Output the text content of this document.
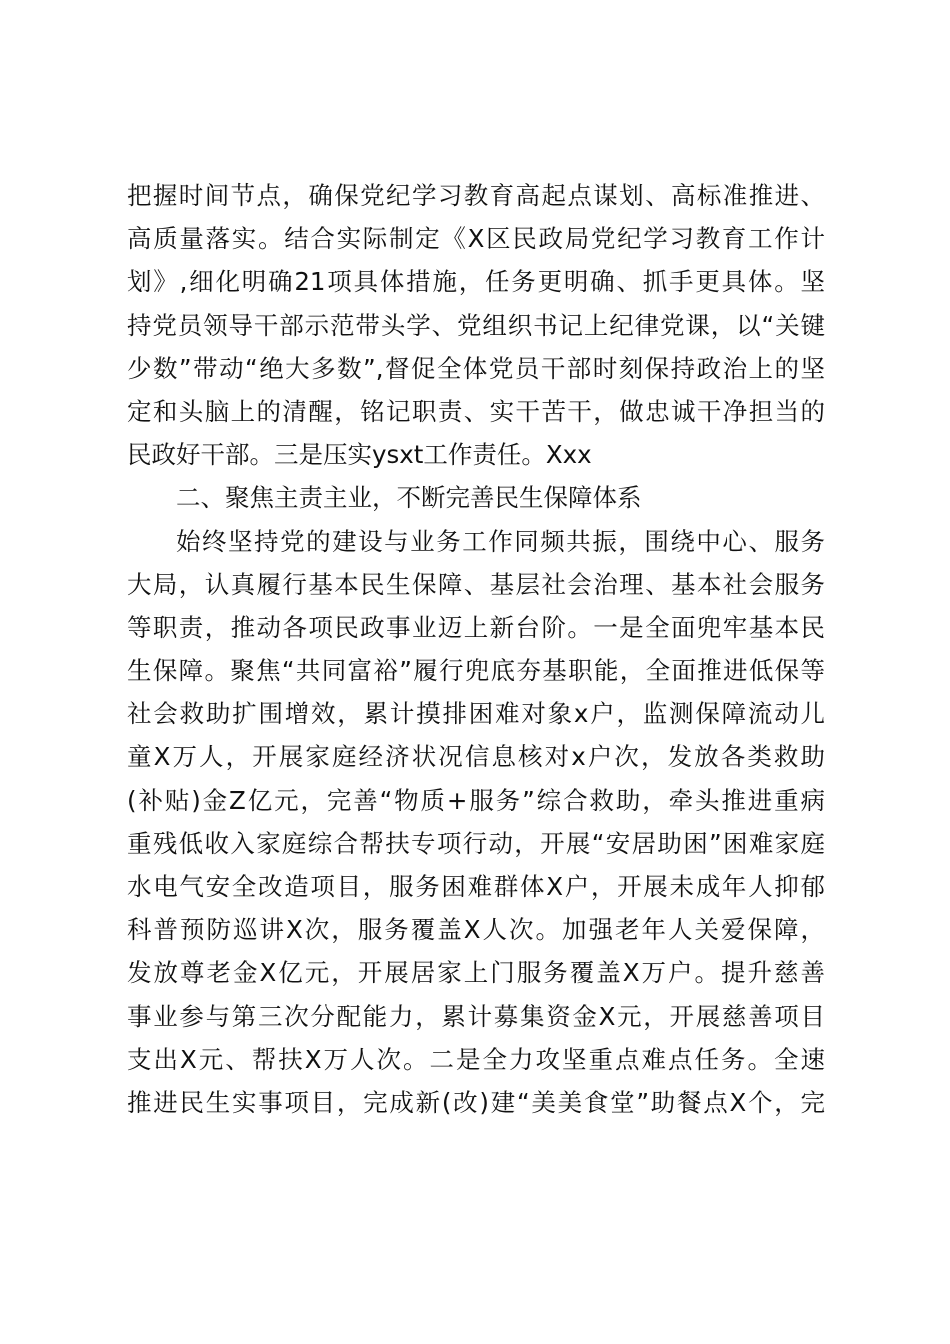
把握时间节点，确保党纪学习教育高起点谋划、高标准推进、
高质量落实。结合实际制定《X区民政局党纪学习教育工作计
划》,细化明确21项具体措施，任务更明确、抓手更具体。坚
持党员领导干部示范带头学、党组织书记上纪律党课，以“关键
少数”带动“绝大多数”,督促全体党员干部时刻保持政治上的坚
定和头脑上的清醒，铭记职责、实干苦干，做忠诚干净担当的
民政好干部。三是压实ysxt工作责任。Xxx
二、聚焦主责主业，不断完善民生保障体系
始终坚持党的建设与业务工作同频共振，围绕中心、服务
大局，认真履行基本民生保障、基层社会治理、基本社会服务
等职责，推动各项民政事业迈上新台阶。一是全面兜牢基本民
生保障。聚焦“共同富裕”履行兜底夯基职能，全面推进低保等
社会救助扩围增效，累计摸排困难对象x户，监测保障流动儿
童X万人，开展家庭经济状况信息核对x户次，发放各类救助
(补贴)金Z亿元，完善“物质+服务”综合救助，牵头推进重病
重残低收入家庭综合帮扶专项行动，开展“安居助困”困难家庭
水电气安全改造项目，服务困难群体X户，开展未成年人抑郁
科普预防巡讲X次，服务覆盖X人次。加强老年人关爱保障，
发放尊老金X亿元，开展居家上门服务覆盖X万户。提升慈善
事业参与第三次分配能力，累计募集资金X元，开展慈善项目
支出X元、帮扶X万人次。二是全力攻坚重点难点任务。全速
推进民生实事项目，完成新(改)建“美美食堂”助餐点X个，完
